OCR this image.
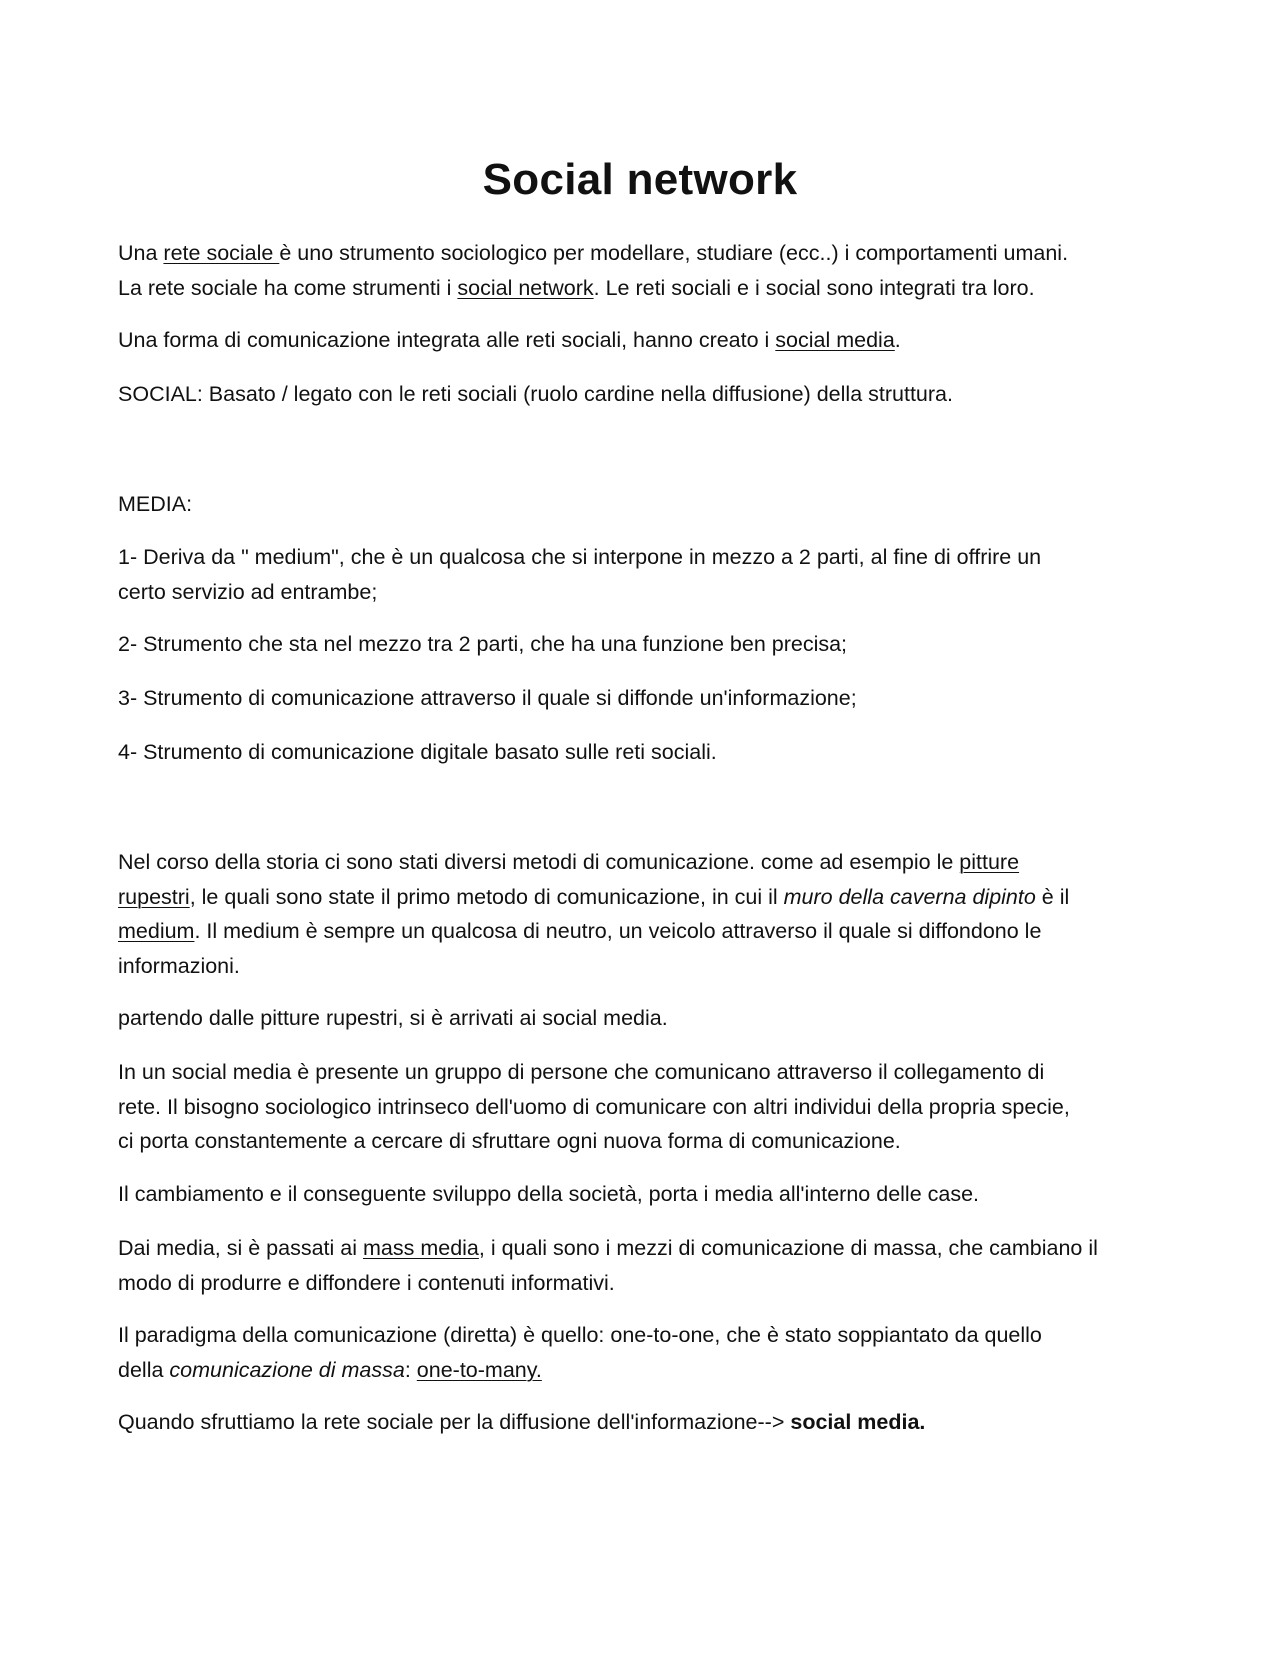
Social network
Una rete sociale è uno strumento sociologico per modellare, studiare (ecc..) i comportamenti umani.
La rete sociale ha come strumenti i social network. Le reti sociali e i social sono integrati tra loro.
Una forma di comunicazione integrata alle reti sociali, hanno creato i social media.
SOCIAL: Basato / legato con le reti sociali (ruolo cardine nella diffusione) della struttura.
MEDIA:
1- Deriva da " medium", che è un qualcosa che si interpone in mezzo a 2 parti, al fine di offrire un
certo servizio ad entrambe;
2- Strumento che sta nel mezzo tra 2 parti, che ha una funzione ben precisa;
3- Strumento di comunicazione attraverso il quale si diffonde un'informazione;
4- Strumento di comunicazione digitale basato sulle reti sociali.
Nel corso della storia ci sono stati diversi metodi di comunicazione. come ad esempio le pitture
rupestri, le quali sono state il primo metodo di comunicazione, in cui il muro della caverna dipinto è il
medium. Il medium è sempre un qualcosa di neutro, un veicolo attraverso il quale si diffondono le
informazioni.
partendo dalle pitture rupestri, si è arrivati ai social media.
In un social media è presente un gruppo di persone che comunicano attraverso il collegamento di
rete. Il bisogno sociologico intrinseco dell'uomo di comunicare con altri individui della propria specie,
ci porta constantemente a cercare di sfruttare ogni nuova forma di comunicazione.
Il cambiamento e il conseguente sviluppo della società, porta i media all'interno delle case.
Dai media, si è passati ai mass media, i quali sono i mezzi di comunicazione di massa, che cambiano il
modo di produrre e diffondere i contenuti informativi.
Il paradigma della comunicazione (diretta) è quello: one-to-one, che è stato soppiantato da quello
della comunicazione di massa: one-to-many.
Quando sfruttiamo la rete sociale per la diffusione dell'informazione--> social media.
